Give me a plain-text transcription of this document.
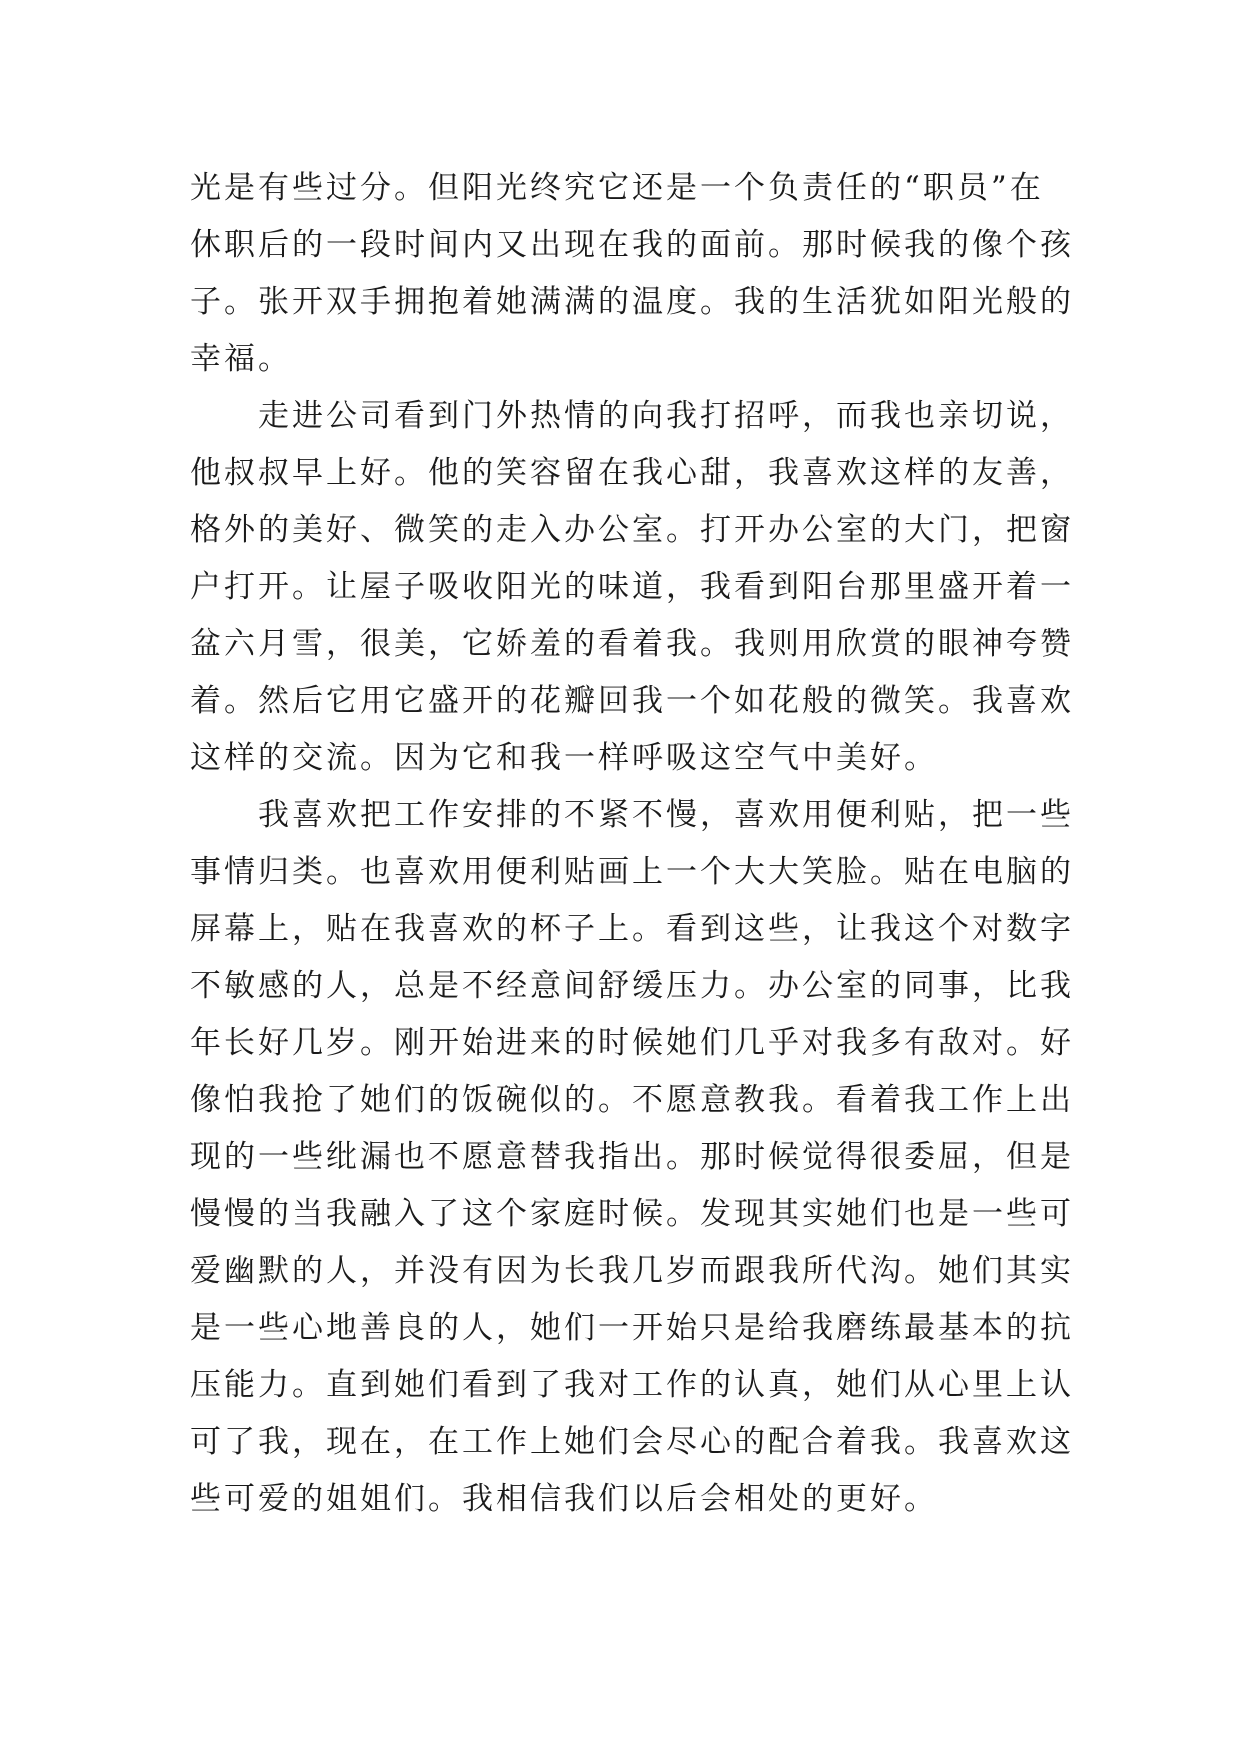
光是有些过分。但阳光终究它还是一个负责任的“职员”在
休职后的一段时间内又出现在我的面前。那时候我的像个孩
子。张开双手拥抱着她满满的温度。我的生活犹如阳光般的
幸福。
走进公司看到门外热情的向我打招呼，而我也亲切说，
他叔叔早上好。他的笑容留在我心甜，我喜欢这样的友善，
格外的美好、微笑的走入办公室。打开办公室的大门，把窗
户打开。让屋子吸收阳光的味道，我看到阳台那里盛开着一
盆六月雪，很美，它娇羞的看着我。我则用欣赏的眼神夸赞
着。然后它用它盛开的花瓣回我一个如花般的微笑。我喜欢
这样的交流。因为它和我一样呼吸这空气中美好。
我喜欢把工作安排的不紧不慢，喜欢用便利贴，把一些
事情归类。也喜欢用便利贴画上一个大大笑脸。贴在电脑的
屏幕上，贴在我喜欢的杯子上。看到这些，让我这个对数字
不敏感的人，总是不经意间舒缓压力。办公室的同事，比我
年长好几岁。刚开始进来的时候她们几乎对我多有敌对。好
像怕我抢了她们的饭碗似的。不愿意教我。看着我工作上出
现的一些纰漏也不愿意替我指出。那时候觉得很委屈，但是
慢慢的当我融入了这个家庭时候。发现其实她们也是一些可
爱幽默的人，并没有因为长我几岁而跟我所代沟。她们其实
是一些心地善良的人，她们一开始只是给我磨练最基本的抗
压能力。直到她们看到了我对工作的认真，她们从心里上认
可了我，现在，在工作上她们会尽心的配合着我。我喜欢这
些可爱的姐姐们。我相信我们以后会相处的更好。
